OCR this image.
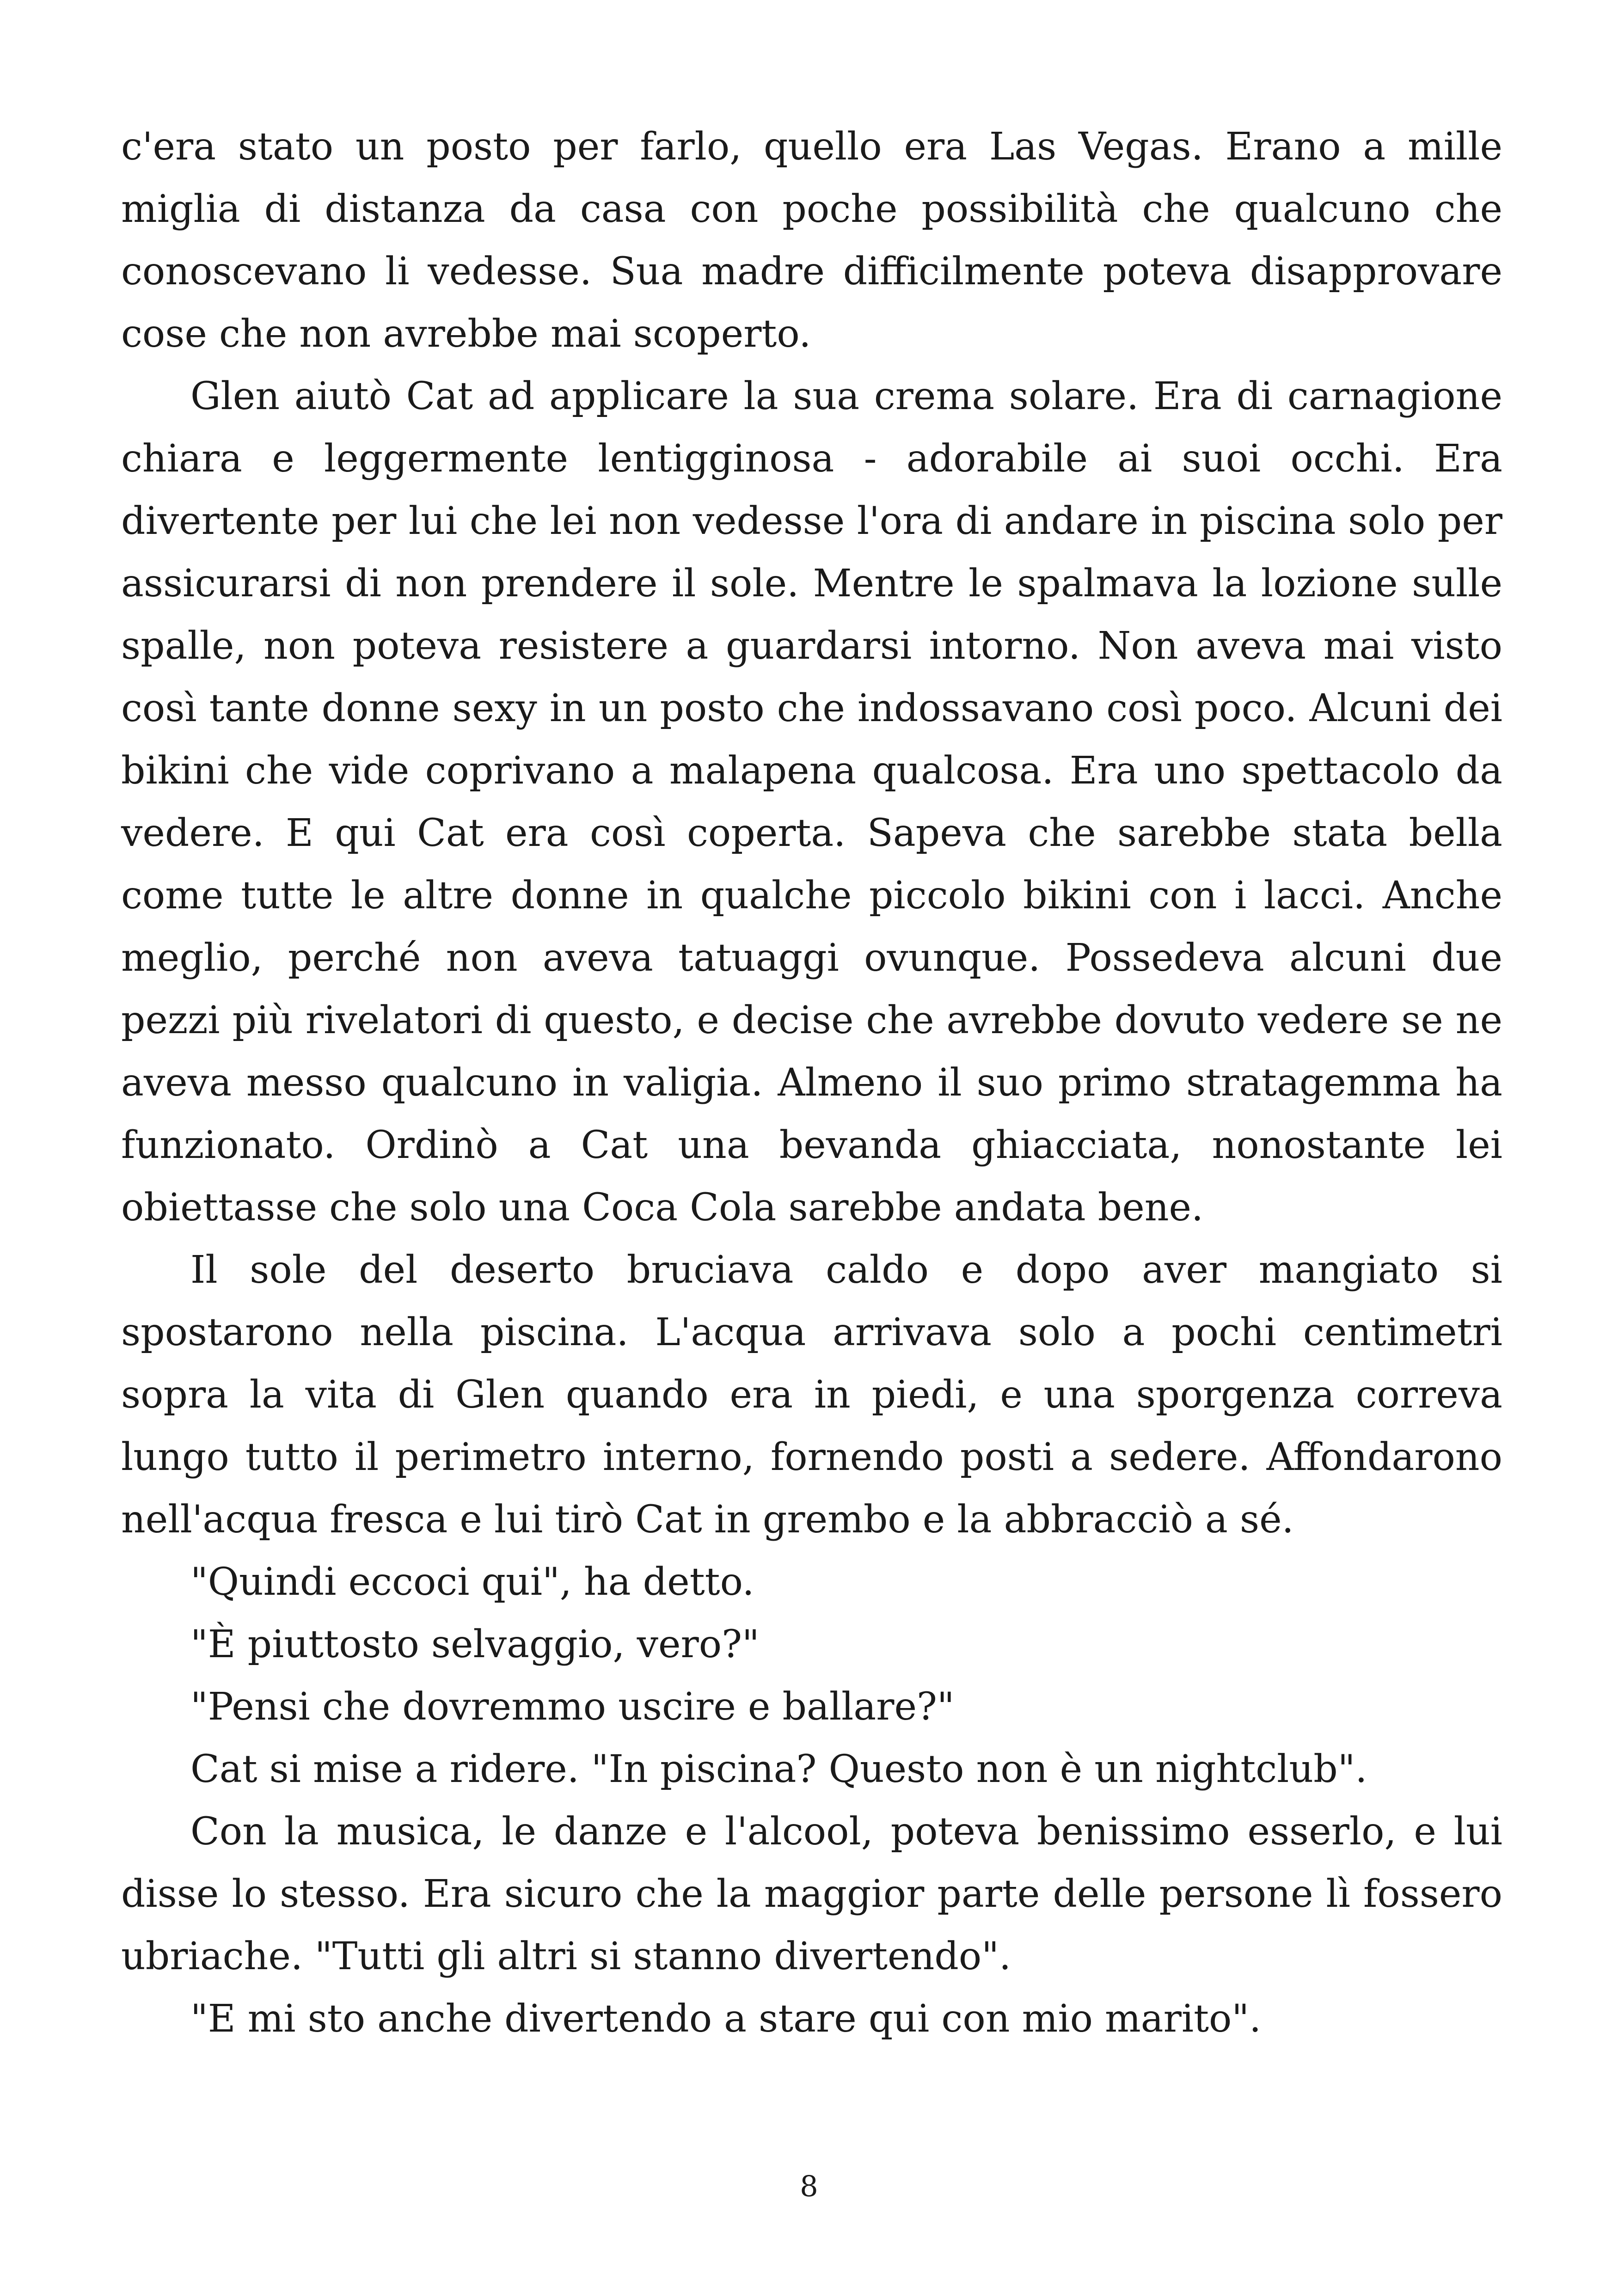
c'era stato un posto per farlo, quello era Las Vegas. Erano a mille miglia di distanza da casa con poche possibilità che qualcuno che conoscevano li vedesse. Sua madre difficilmente poteva disapprovare cose che non avrebbe mai scoperto.

Glen aiutò Cat ad applicare la sua crema solare. Era di carnagione chiara e leggermente lentigginosa - adorabile ai suoi occhi. Era divertente per lui che lei non vedesse l'ora di andare in piscina solo per assicurarsi di non prendere il sole. Mentre le spalmava la lozione sulle spalle, non poteva resistere a guardarsi intorno. Non aveva mai visto così tante donne sexy in un posto che indossavano così poco. Alcuni dei bikini che vide coprivano a malapena qualcosa. Era uno spettacolo da vedere. E qui Cat era così coperta. Sapeva che sarebbe stata bella come tutte le altre donne in qualche piccolo bikini con i lacci. Anche meglio, perché non aveva tatuaggi ovunque. Possedeva alcuni due pezzi più rivelatori di questo, e decise che avrebbe dovuto vedere se ne aveva messo qualcuno in valigia. Almeno il suo primo stratagemma ha funzionato. Ordinò a Cat una bevanda ghiacciata, nonostante lei obiettasse che solo una Coca Cola sarebbe andata bene.

Il sole del deserto bruciava caldo e dopo aver mangiato si spostarono nella piscina. L'acqua arrivava solo a pochi centimetri sopra la vita di Glen quando era in piedi, e una sporgenza correva lungo tutto il perimetro interno, fornendo posti a sedere. Affondarono nell'acqua fresca e lui tirò Cat in grembo e la abbracciò a sé.

"Quindi eccoci qui", ha detto.

"È piuttosto selvaggio, vero?"

"Pensi che dovremmo uscire e ballare?"

Cat si mise a ridere. "In piscina? Questo non è un nightclub".

Con la musica, le danze e l'alcool, poteva benissimo esserlo, e lui disse lo stesso. Era sicuro che la maggior parte delle persone lì fossero ubriache. "Tutti gli altri si stanno divertendo".

"E mi sto anche divertendo a stare qui con mio marito".

8
